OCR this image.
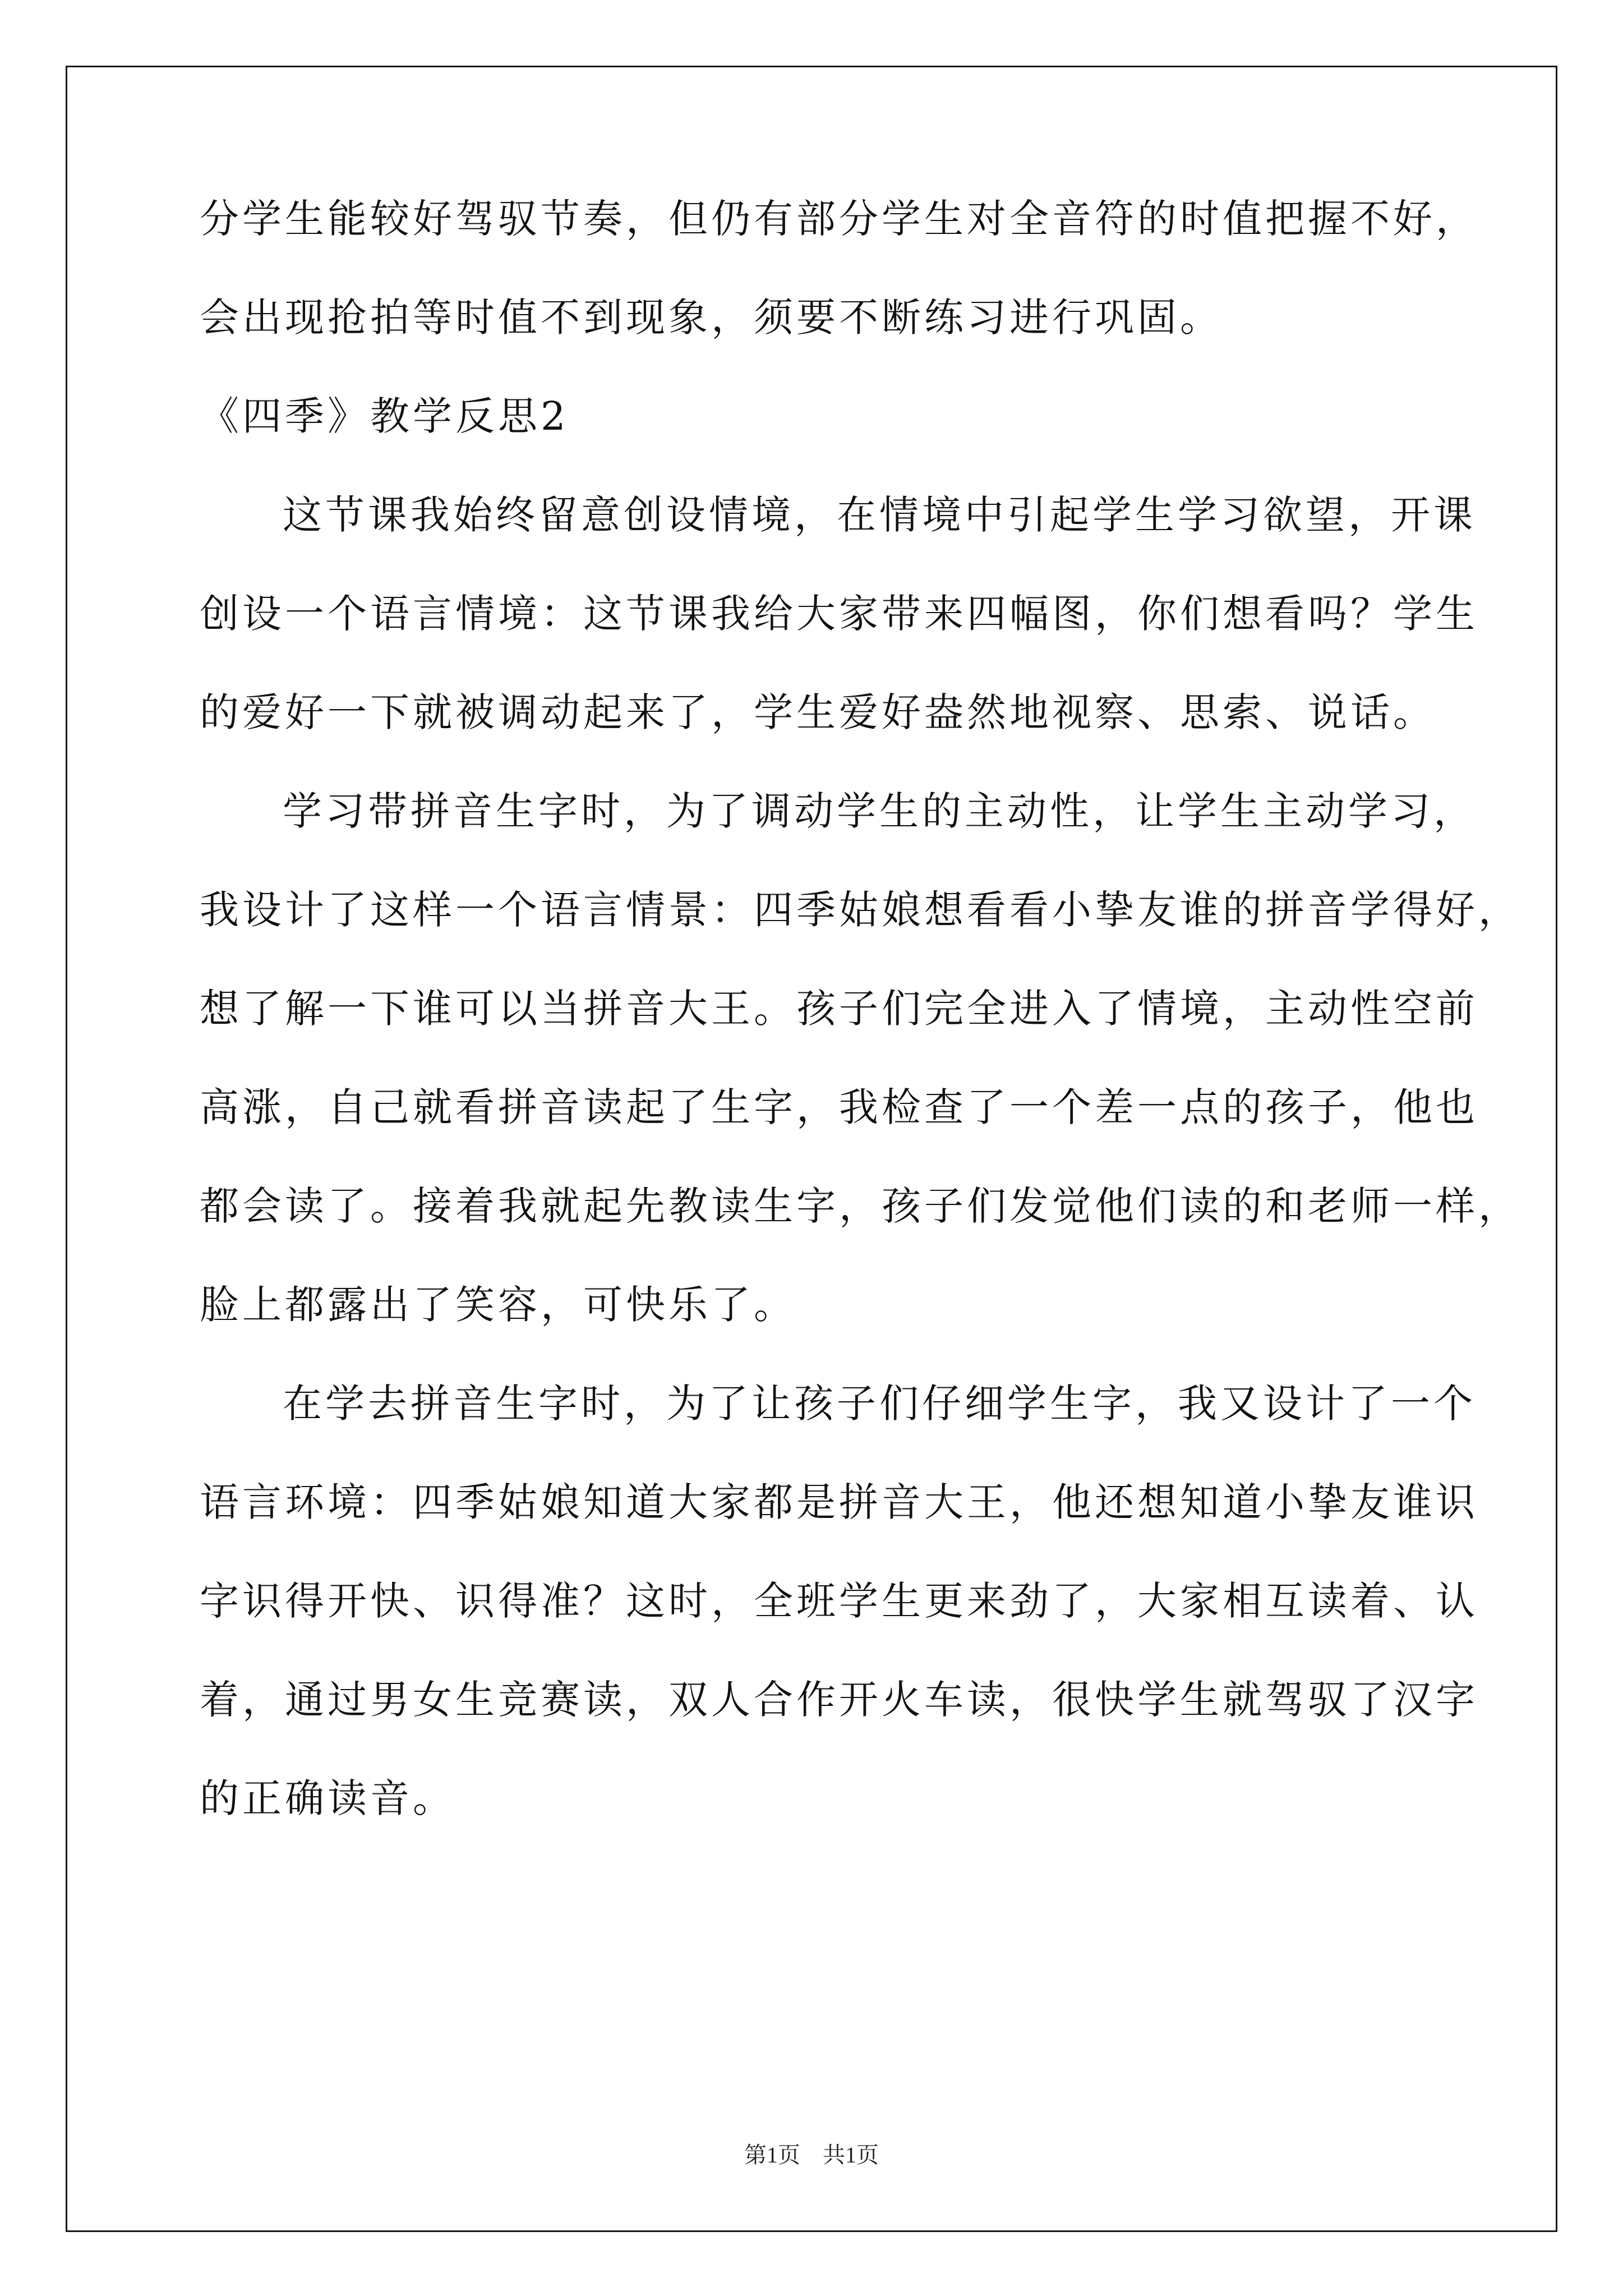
分学生能较好驾驭节奏，但仍有部分学生对全音符的时值把握不好，
会出现抢拍等时值不到现象，须要不断练习进行巩固。
《四季》教学反思2
这节课我始终留意创设情境，在情境中引起学生学习欲望，开课
创设一个语言情境：这节课我给大家带来四幅图，你们想看吗？学生
的爱好一下就被调动起来了，学生爱好盎然地视察、思索、说话。
学习带拼音生字时，为了调动学生的主动性，让学生主动学习，
我设计了这样一个语言情景：四季姑娘想看看小挚友谁的拼音学得好，
想了解一下谁可以当拼音大王。孩子们完全进入了情境，主动性空前
高涨，自己就看拼音读起了生字，我检查了一个差一点的孩子，他也
都会读了。接着我就起先教读生字，孩子们发觉他们读的和老师一样，
脸上都露出了笑容，可快乐了。
在学去拼音生字时，为了让孩子们仔细学生字，我又设计了一个
语言环境：四季姑娘知道大家都是拼音大王，他还想知道小挚友谁识
字识得开快、识得准？这时，全班学生更来劲了，大家相互读着、认
着，通过男女生竞赛读，双人合作开火车读，很快学生就驾驭了汉字
的正确读音。
第1页　共1页
